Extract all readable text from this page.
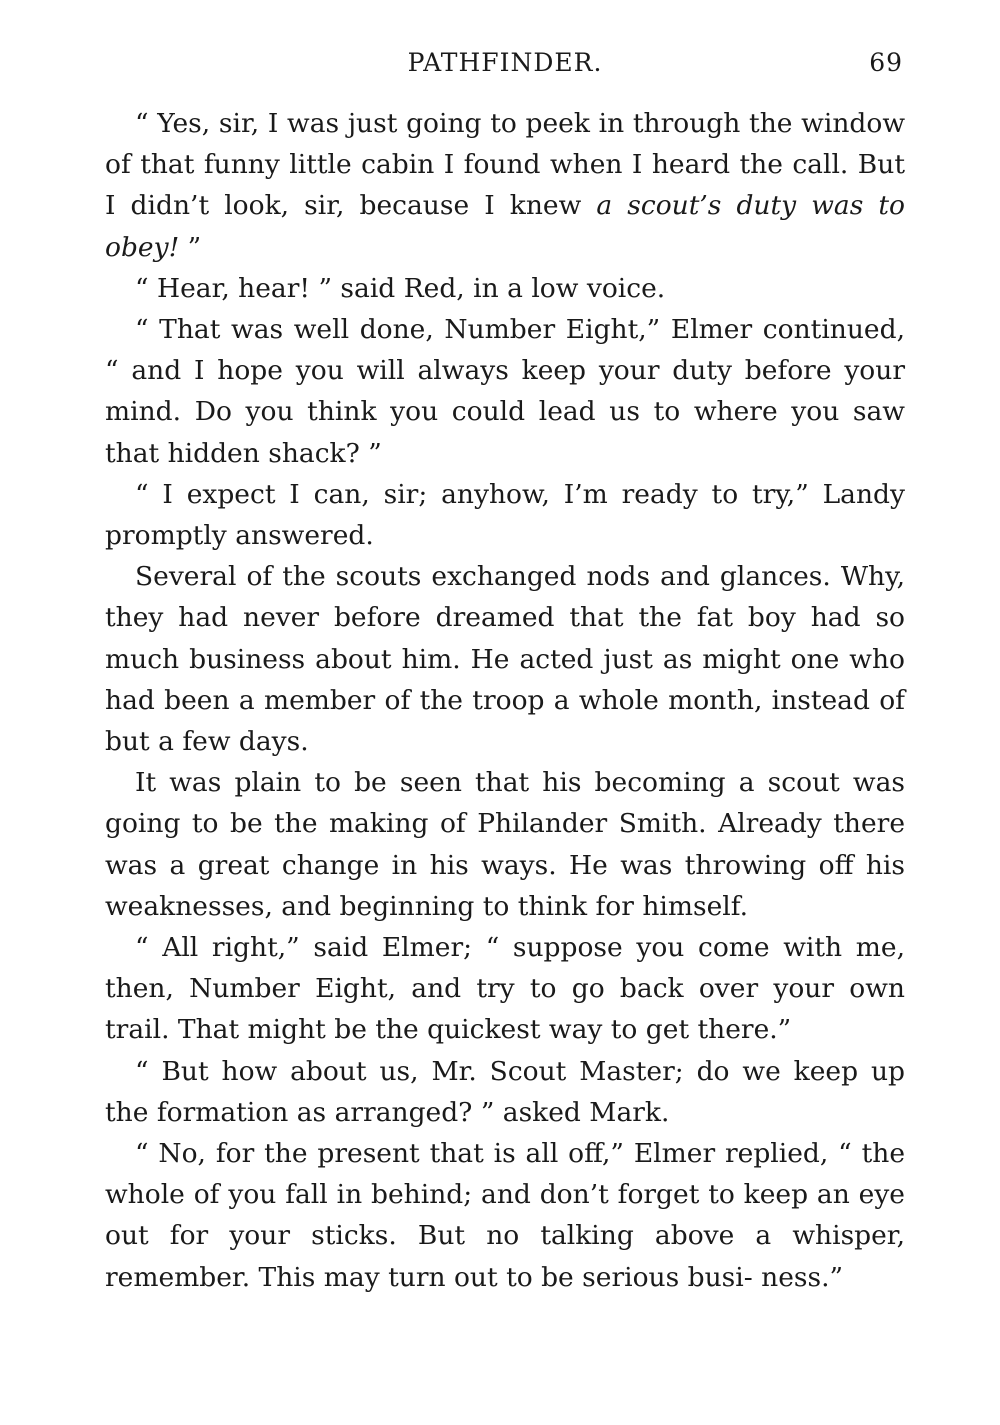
PATHFINDER.	69

“ Yes, sir, I was just going to peek in through the window of that funny little cabin I found when I heard the call. But I didn’t look, sir, because I knew a scout’s duty was to obey! ”

“ Hear, hear! ” said Red, in a low voice.

“ That was well done, Number Eight,” Elmer continued, “ and I hope you will always keep your duty before your mind. Do you think you could lead us to where you saw that hidden shack? ”

“ I expect I can, sir; anyhow, I’m ready to try,” Landy promptly answered.

Several of the scouts exchanged nods and glances. Why, they had never before dreamed that the fat boy had so much business about him. He acted just as might one who had been a member of the troop a whole month, instead of but a few days.

It was plain to be seen that his becoming a scout was going to be the making of Philander Smith. Already there was a great change in his ways. He was throwing off his weaknesses, and beginning to think for himself.

“ All right,” said Elmer; “ suppose you come with me, then, Number Eight, and try to go back over your own trail. That might be the quickest way to get there.”

“ But how about us, Mr. Scout Master; do we keep up the formation as arranged? ” asked Mark.

“ No, for the present that is all off,” Elmer replied, “ the whole of you fall in behind; and don’t forget to keep an eye out for your sticks. But no talking above a whisper, remember. This may turn out to be serious busi- ness.”
